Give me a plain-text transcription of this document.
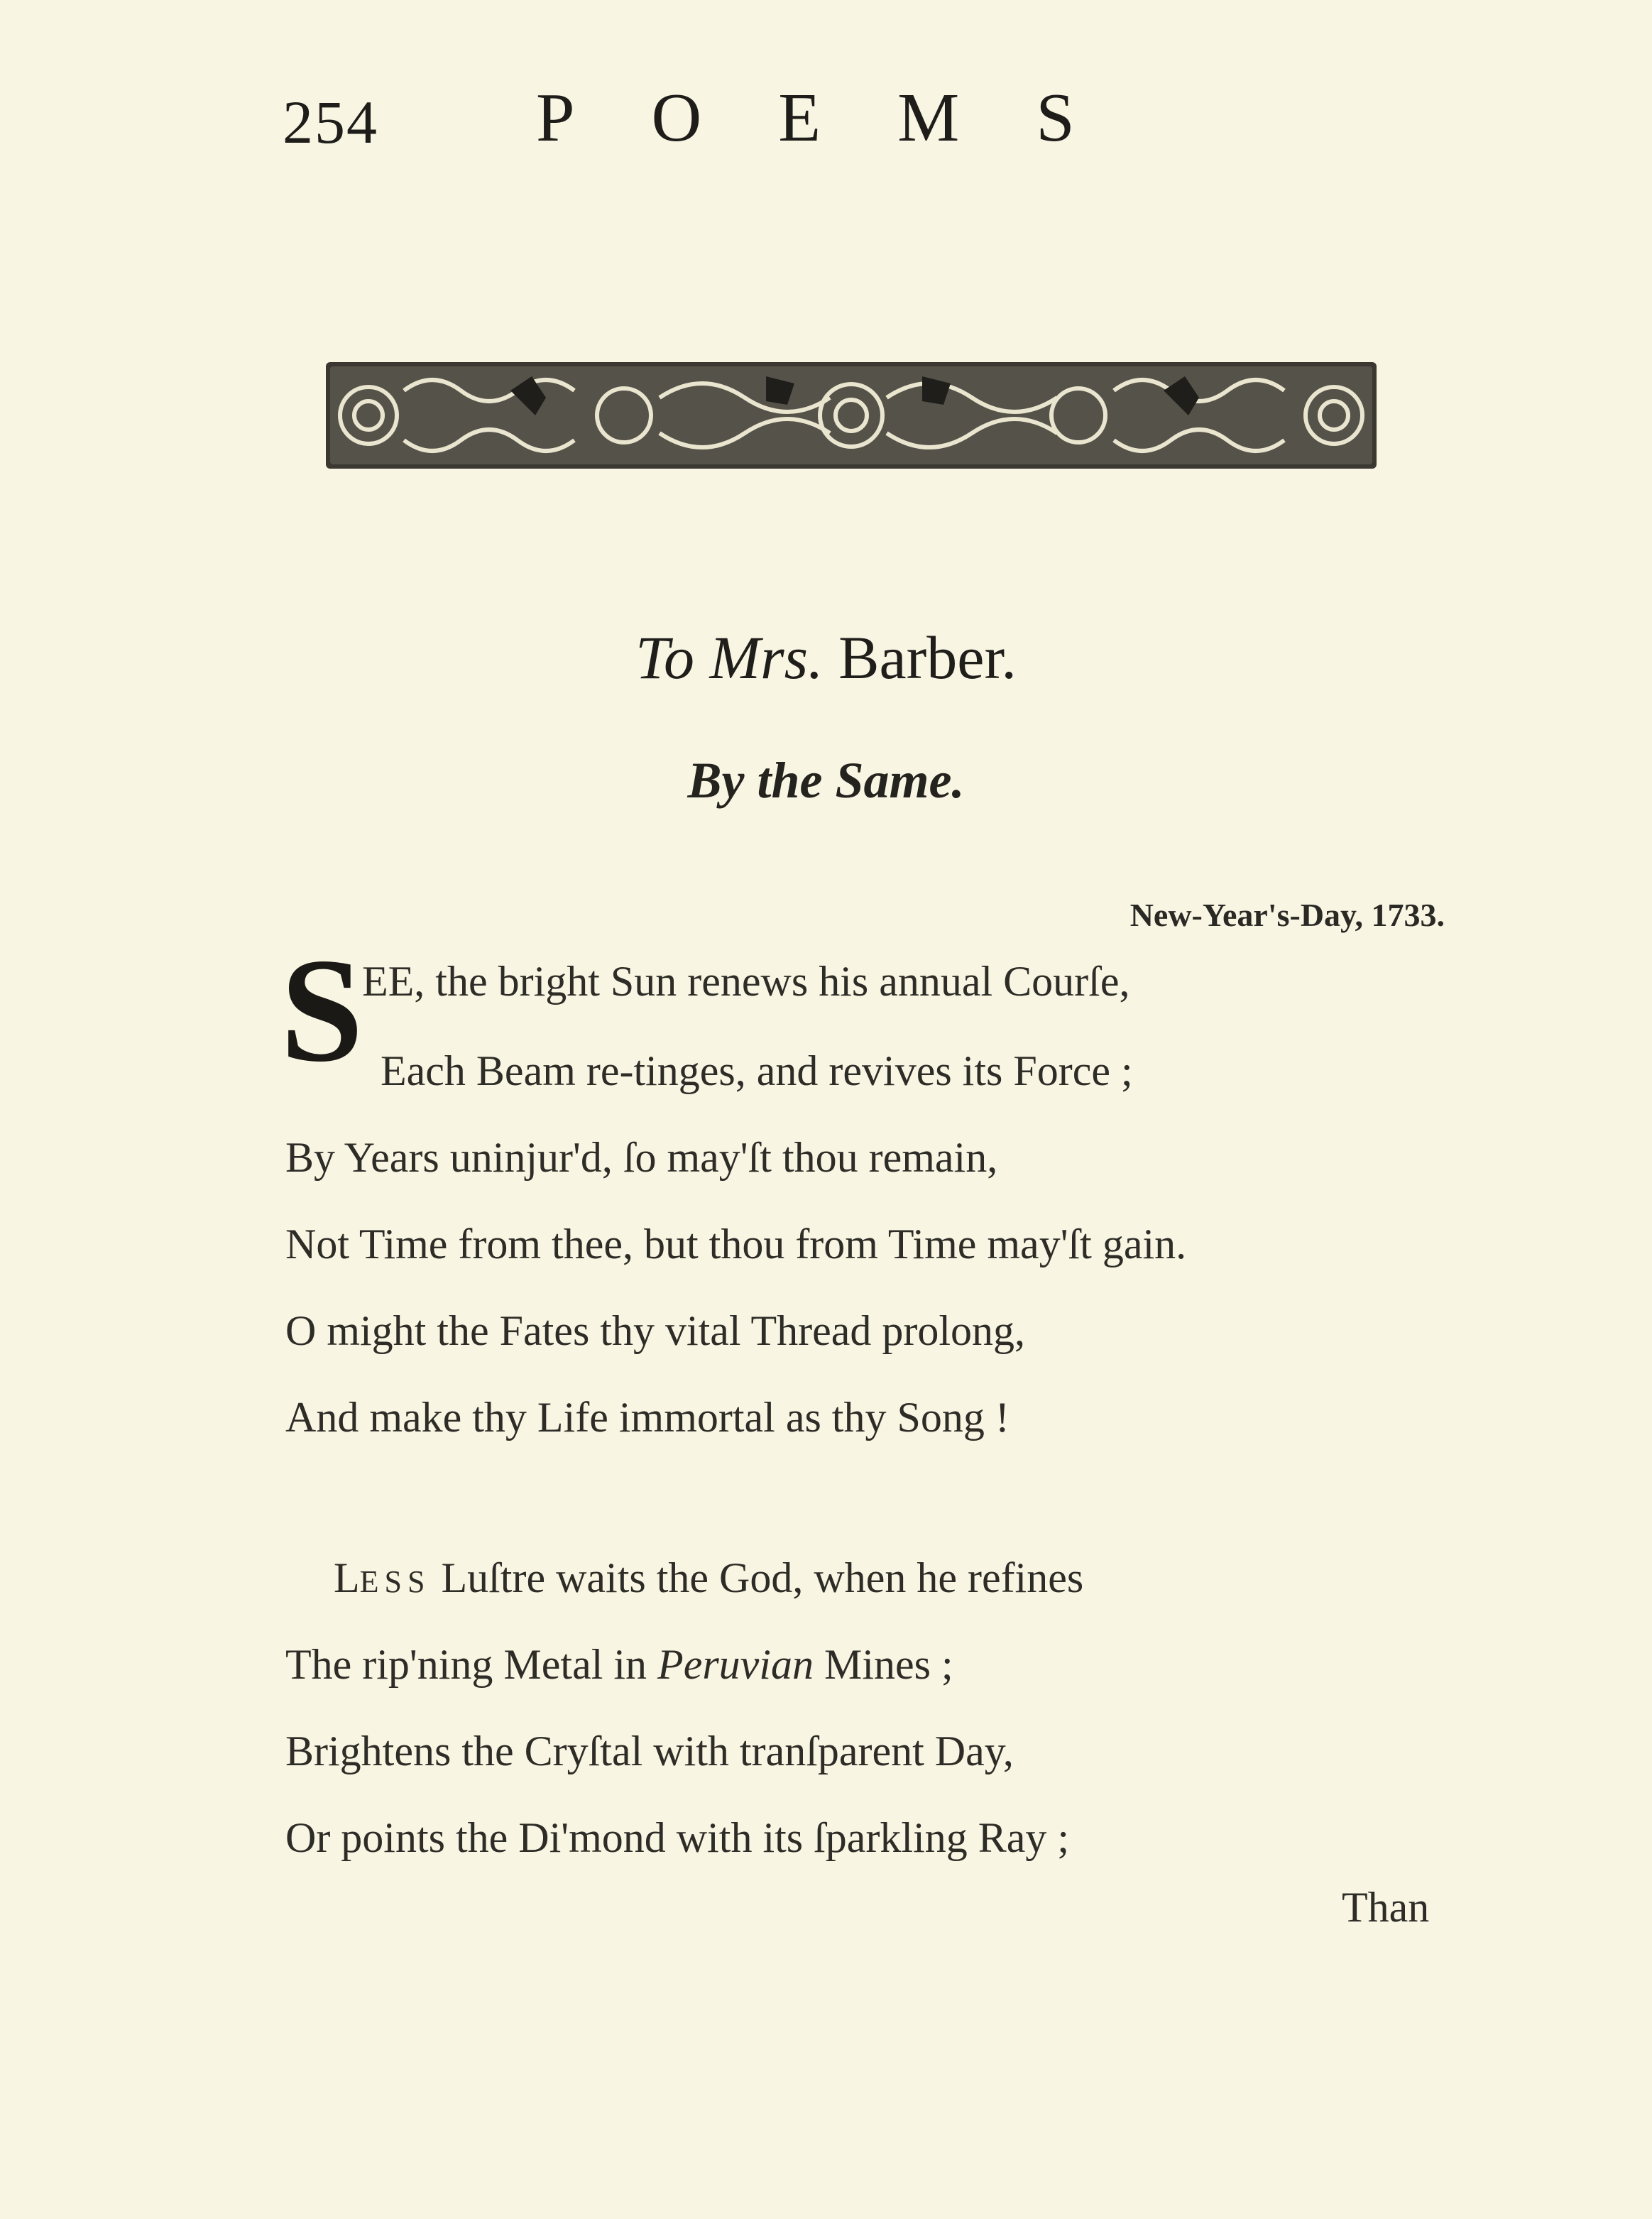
254 POEMS
To Mrs. Barber.
By the Same.
New-Year's-Day, 1733.
S
EE, the bright Sun renews his annual Courſe,
Each Beam re-tinges, and revives its Force ;
By Years uninjur'd, ſo may'ſt thou remain,
Not Time from thee, but thou from Time may'ſt gain.
O might the Fates thy vital Thread prolong,
And make thy Life immortal as thy Song !
LESS Luſtre waits the God, when he refines
The rip'ning Metal in Peruvian Mines ;
Brightens the Cryſtal with tranſparent Day,
Or points the Di'mond with its ſparkling Ray ;
Than
